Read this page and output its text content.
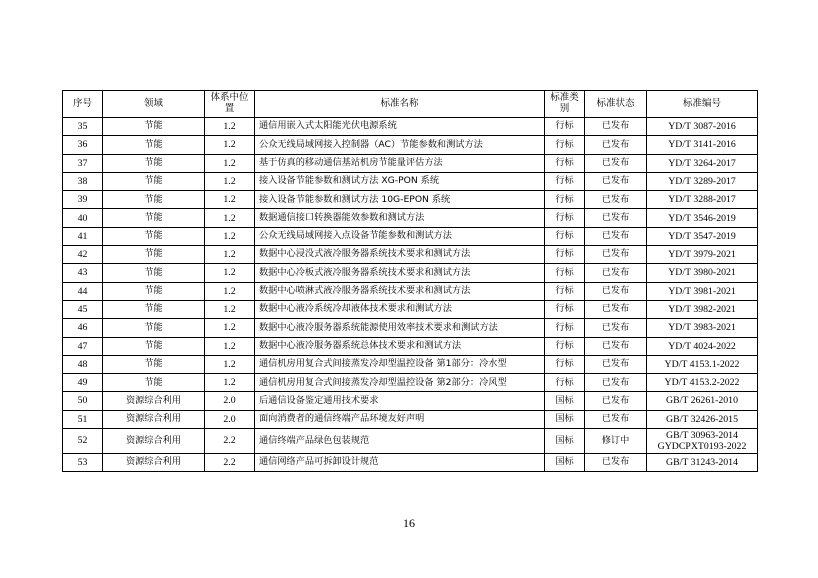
序号	领域	体系中位置	标准名称	标准类别	标准状态	标准编号
35	节能	1.2	通信用嵌入式太阳能光伏电源系统	行标	已发布	YD/T 3087-2016
36	节能	1.2	公众无线局域网接入控制器（AC）节能参数和测试方法	行标	已发布	YD/T 3141-2016
37	节能	1.2	基于仿真的移动通信基站机房节能量评估方法	行标	已发布	YD/T 3264-2017
38	节能	1.2	接入设备节能参数和测试方法 XG-PON 系统	行标	已发布	YD/T 3289-2017
39	节能	1.2	接入设备节能参数和测试方法 10G-EPON 系统	行标	已发布	YD/T 3288-2017
40	节能	1.2	数据通信接口转换器能效参数和测试方法	行标	已发布	YD/T 3546-2019
41	节能	1.2	公众无线局域网接入点设备节能参数和测试方法	行标	已发布	YD/T 3547-2019
42	节能	1.2	数据中心浸没式液冷服务器系统技术要求和测试方法	行标	已发布	YD/T 3979-2021
43	节能	1.2	数据中心冷板式液冷服务器系统技术要求和测试方法	行标	已发布	YD/T 3980-2021
44	节能	1.2	数据中心喷淋式液冷服务器系统技术要求和测试方法	行标	已发布	YD/T 3981-2021
45	节能	1.2	数据中心液冷系统冷却液体技术要求和测试方法	行标	已发布	YD/T 3982-2021
46	节能	1.2	数据中心液冷服务器系统能源使用效率技术要求和测试方法	行标	已发布	YD/T 3983-2021
47	节能	1.2	数据中心液冷服务器系统总体技术要求和测试方法	行标	已发布	YD/T 4024-2022
48	节能	1.2	通信机房用复合式间接蒸发冷却型温控设备 第1部分：冷水型	行标	已发布	YD/T 4153.1-2022
49	节能	1.2	通信机房用复合式间接蒸发冷却型温控设备 第2部分：冷风型	行标	已发布	YD/T 4153.2-2022
50	资源综合利用	2.0	后通信设备鉴定通用技术要求	国标	已发布	GB/T 26261-2010
51	资源综合利用	2.0	面向消费者的通信终端产品环境友好声明	国标	已发布	GB/T 32426-2015
52	资源综合利用	2.2	通信终端产品绿色包装规范	国标	修订中	GB/T 30963-2014 GYDCPXT0193-2022
53	资源综合利用	2.2	通信网络产品可拆卸设计规范	国标	已发布	GB/T 31243-2014
16
